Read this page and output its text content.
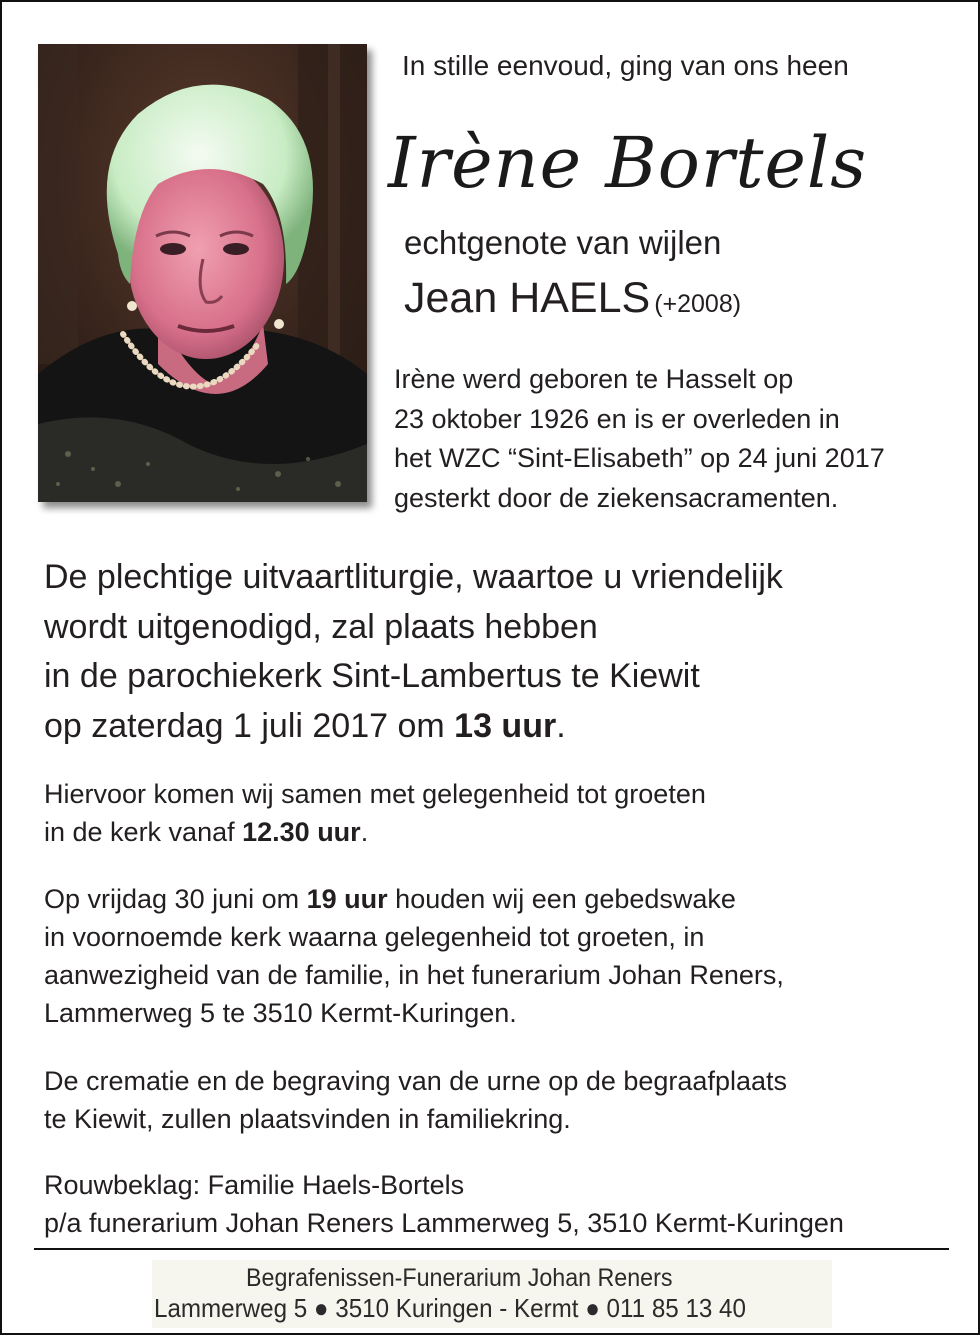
In stille eenvoud, ging van ons heen
Irène Bortels
echtgenote van wijlen
Jean HAELS (+2008)
Irène werd geboren te Hasselt op
23 oktober 1926 en is er overleden in
het WZC “Sint-Elisabeth” op 24 juni 2017
gesterkt door de ziekensacramenten.
De plechtige uitvaartliturgie, waartoe u vriendelijk
wordt uitgenodigd, zal plaats hebben
in de parochiekerk Sint-Lambertus te Kiewit
op zaterdag 1 juli 2017 om 13 uur.
Hiervoor komen wij samen met gelegenheid tot groeten
in de kerk vanaf 12.30 uur.
Op vrijdag 30 juni om 19 uur houden wij een gebedswake
in voornoemde kerk waarna gelegenheid tot groeten, in
aanwezigheid van de familie, in het funerarium Johan Reners,
Lammerweg 5 te 3510 Kermt-Kuringen.
De crematie en de begraving van de urne op de begraafplaats
te Kiewit, zullen plaatsvinden in familiekring.
Rouwbeklag: Familie Haels-Bortels
p/a funerarium Johan Reners Lammerweg 5, 3510 Kermt-Kuringen
Begrafenissen-Funerarium Johan Reners
Lammerweg 5 ● 3510 Kuringen - Kermt ● 011 85 13 40
